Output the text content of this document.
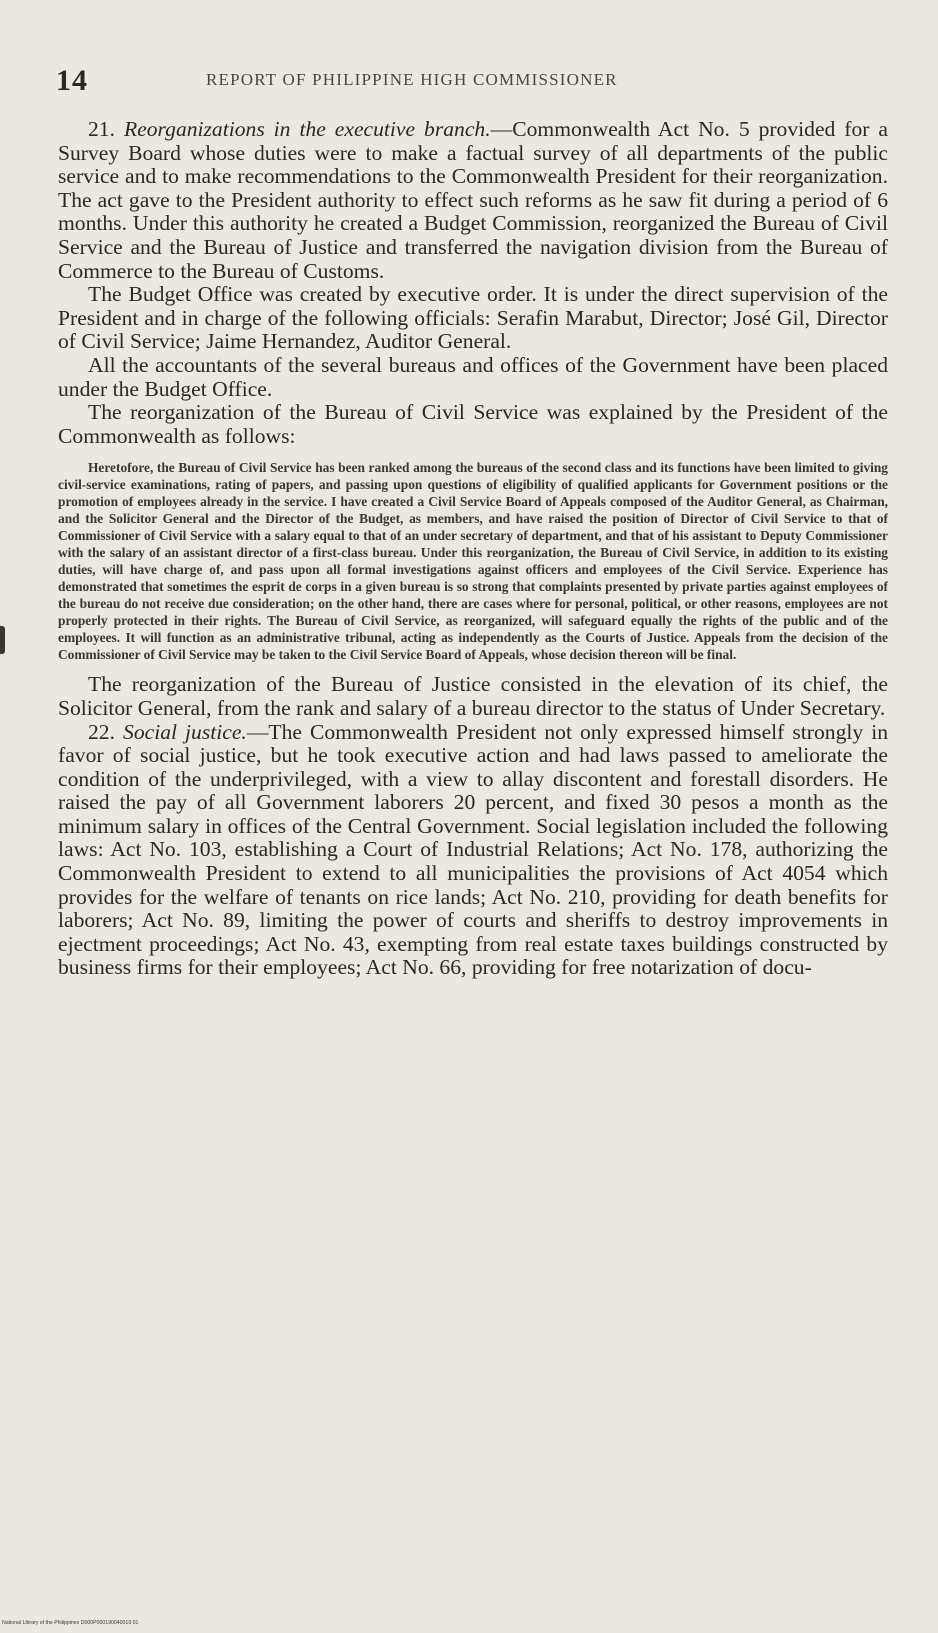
14	REPORT OF PHILIPPINE HIGH COMMISSIONER

21. Reorganizations in the executive branch.—Commonwealth Act No. 5 provided for a Survey Board whose duties were to make a factual survey of all departments of the public service and to make recommendations to the Commonwealth President for their reorganization. The act gave to the President authority to effect such reforms as he saw fit during a period of 6 months. Under this authority he created a Budget Commission, reorganized the Bureau of Civil Service and the Bureau of Justice and transferred the navigation division from the Bureau of Commerce to the Bureau of Customs.

The Budget Office was created by executive order. It is under the direct supervision of the President and in charge of the following officials: Serafin Marabut, Director; José Gil, Director of Civil Service; Jaime Hernandez, Auditor General.

All the accountants of the several bureaus and offices of the Government have been placed under the Budget Office.

The reorganization of the Bureau of Civil Service was explained by the President of the Commonwealth as follows:

Heretofore, the Bureau of Civil Service has been ranked among the bureaus of the second class and its functions have been limited to giving civil-service examinations, rating of papers, and passing upon questions of eligibility of qualified applicants for Government positions or the promotion of employees already in the service. I have created a Civil Service Board of Appeals composed of the Auditor General, as Chairman, and the Solicitor General and the Director of the Budget, as members, and have raised the position of Director of Civil Service to that of Commissioner of Civil Service with a salary equal to that of an under secretary of department, and that of his assistant to Deputy Commissioner with the salary of an assistant director of a first-class bureau. Under this reorganization, the Bureau of Civil Service, in addition to its existing duties, will have charge of, and pass upon all formal investigations against officers and employees of the Civil Service. Experience has demonstrated that sometimes the esprit de corps in a given bureau is so strong that complaints presented by private parties against employees of the bureau do not receive due consideration; on the other hand, there are cases where for personal, political, or other reasons, employees are not properly protected in their rights. The Bureau of Civil Service, as reorganized, will safeguard equally the rights of the public and of the employees. It will function as an administrative tribunal, acting as independently as the Courts of Justice. Appeals from the decision of the Commissioner of Civil Service may be taken to the Civil Service Board of Appeals, whose decision thereon will be final.

The reorganization of the Bureau of Justice consisted in the elevation of its chief, the Solicitor General, from the rank and salary of a bureau director to the status of Under Secretary.

22. Social justice.—The Commonwealth President not only expressed himself strongly in favor of social justice, but he took executive action and had laws passed to ameliorate the condition of the underprivileged, with a view to allay discontent and forestall disorders. He raised the pay of all Government laborers 20 percent, and fixed 30 pesos a month as the minimum salary in offices of the Central Government. Social legislation included the following laws: Act No. 103, establishing a Court of Industrial Relations; Act No. 178, authorizing the Commonwealth President to extend to all municipalities the provisions of Act 4054 which provides for the welfare of tenants on rice lands; Act No. 210, providing for death benefits for laborers; Act No. 89, limiting the power of courts and sheriffs to destroy improvements in ejectment proceedings; Act No. 43, exempting from real estate taxes buildings constructed by business firms for their employees; Act No. 66, providing for free notarization of docu-

National Library of the Philippines D000P000190040019 01
